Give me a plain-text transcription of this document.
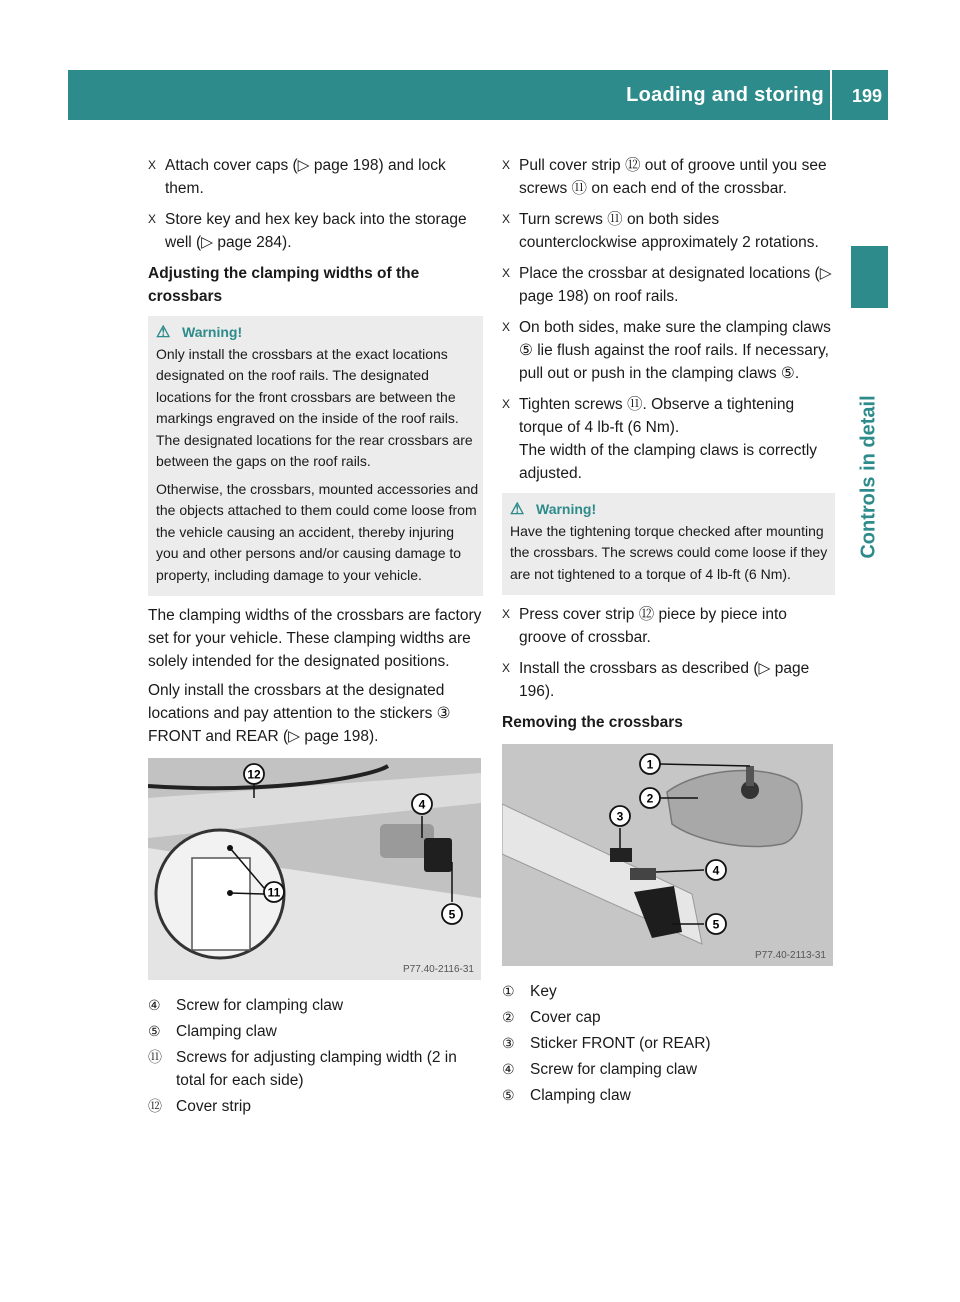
Loading and storing 199
Controls in detail
X Attach cover caps (▷ page 198) and lock them.
X Store key and hex key back into the storage well (▷ page 284).
Adjusting the clamping widths of the crossbars
⚠ Warning!

Only install the crossbars at the exact locations designated on the roof rails. The designated locations for the front crossbars are between the markings engraved on the inside of the roof rails. The designated locations for the rear crossbars are between the gaps on the roof rails.

Otherwise, the crossbars, mounted accessories and the objects attached to them could come loose from the vehicle causing an accident, thereby injuring you and other persons and/or causing damage to property, including damage to your vehicle.

The clamping widths of the crossbars are factory set for your vehicle. These clamping widths are solely intended for the designated positions.

Only install the crossbars at the designated locations and pay attention to the stickers ③ FRONT and REAR (▷ page 198).

12
4
11
5
P77.40-2116-31
④ Screw for clamping claw
⑤ Clamping claw
⑪ Screws for adjusting clamping width (2 in total for each side)
⑫ Cover strip
X Pull cover strip ⑫ out of groove until you see screws ⑪ on each end of the crossbar.
X Turn screws ⑪ on both sides counterclockwise approximately 2 rotations.
X Place the crossbar at designated locations (▷ page 198) on roof rails.
X On both sides, make sure the clamping claws ⑤ lie flush against the roof rails. If necessary, pull out or push in the clamping claws ⑤.
X Tighten screws ⑪. Observe a tightening torque of 4 lb-ft (6 Nm).
The width of the clamping claws is correctly adjusted.
⚠ Warning!

Have the tightening torque checked after mounting the crossbars. The screws could come loose if they are not tightened to a torque of 4 lb-ft (6 Nm).

X Press cover strip ⑫ piece by piece into groove of crossbar.
X Install the crossbars as described (▷ page 196).
Removing the crossbars
1
2
3
4
5
P77.40-2113-31
① Key
② Cover cap
③ Sticker FRONT (or REAR)
④ Screw for clamping claw
⑤ Clamping claw
